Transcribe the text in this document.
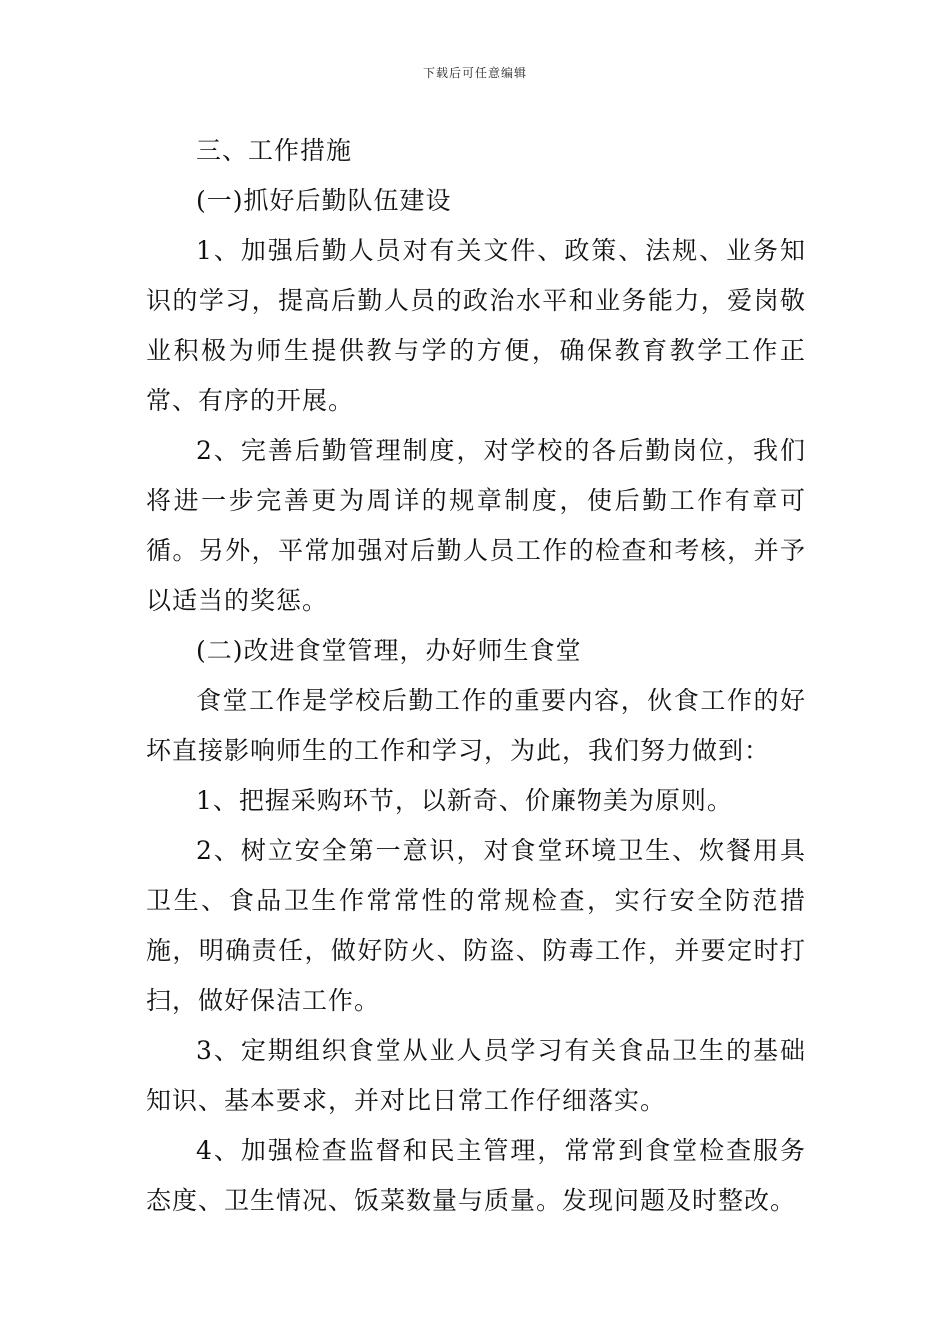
下载后可任意编辑

三、工作措施

(一)抓好后勤队伍建设

1、加强后勤人员对有关文件、政策、法规、业务知识的学习，提高后勤人员的政治水平和业务能力，爱岗敬业积极为师生提供教与学的方便，确保教育教学工作正常、有序的开展。

2、完善后勤管理制度，对学校的各后勤岗位，我们将进一步完善更为周详的规章制度，使后勤工作有章可循。另外，平常加强对后勤人员工作的检查和考核，并予以适当的奖惩。

(二)改进食堂管理，办好师生食堂

食堂工作是学校后勤工作的重要内容，伙食工作的好坏直接影响师生的工作和学习，为此，我们努力做到：

1、把握采购环节，以新奇、价廉物美为原则。

2、树立安全第一意识，对食堂环境卫生、炊餐用具卫生、食品卫生作常常性的常规检查，实行安全防范措施，明确责任，做好防火、防盗、防毒工作，并要定时打扫，做好保洁工作。

3、定期组织食堂从业人员学习有关食品卫生的基础知识、基本要求，并对比日常工作仔细落实。

4、加强检查监督和民主管理，常常到食堂检查服务态度、卫生情况、饭菜数量与质量。发现问题及时整改。
